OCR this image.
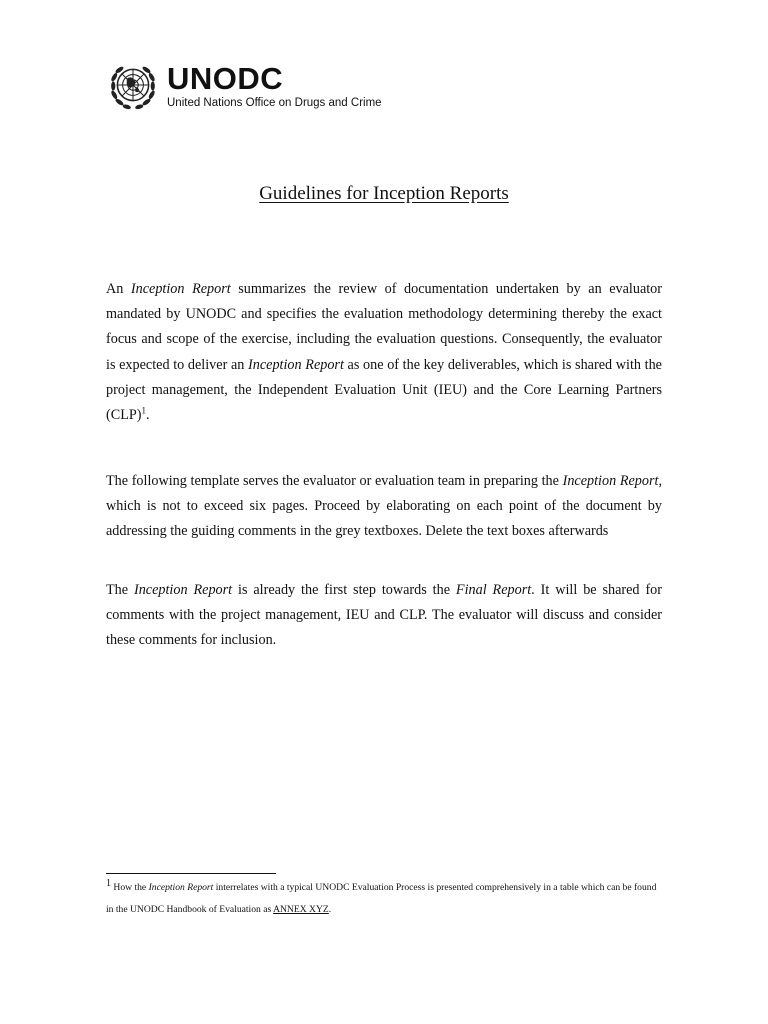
UNODC
United Nations Office on Drugs and Crime
Guidelines for Inception Reports

An Inception Report summarizes the review of documentation undertaken by an evaluator mandated by UNODC and specifies the evaluation methodology determining thereby the exact focus and scope of the exercise, including the evaluation questions. Consequently, the evaluator is expected to deliver an Inception Report as one of the key deliverables, which is shared with the project management, the Independent Evaluation Unit (IEU) and the Core Learning Partners (CLP)$^1$.

The following template serves the evaluator or evaluation team in preparing the Inception Report, which is not to exceed six pages. Proceed by elaborating on each point of the document by addressing the guiding comments in the grey textboxes. Delete the text boxes afterwards

The Inception Report is already the first step towards the Final Report. It will be shared for comments with the project management, IEU and CLP. The evaluator will discuss and consider these comments for inclusion.

1 How the Inception Report interrelates with a typical UNODC Evaluation Process is presented comprehensively in a table which can be found in the UNODC Handbook of Evaluation as ANNEX XYZ.
